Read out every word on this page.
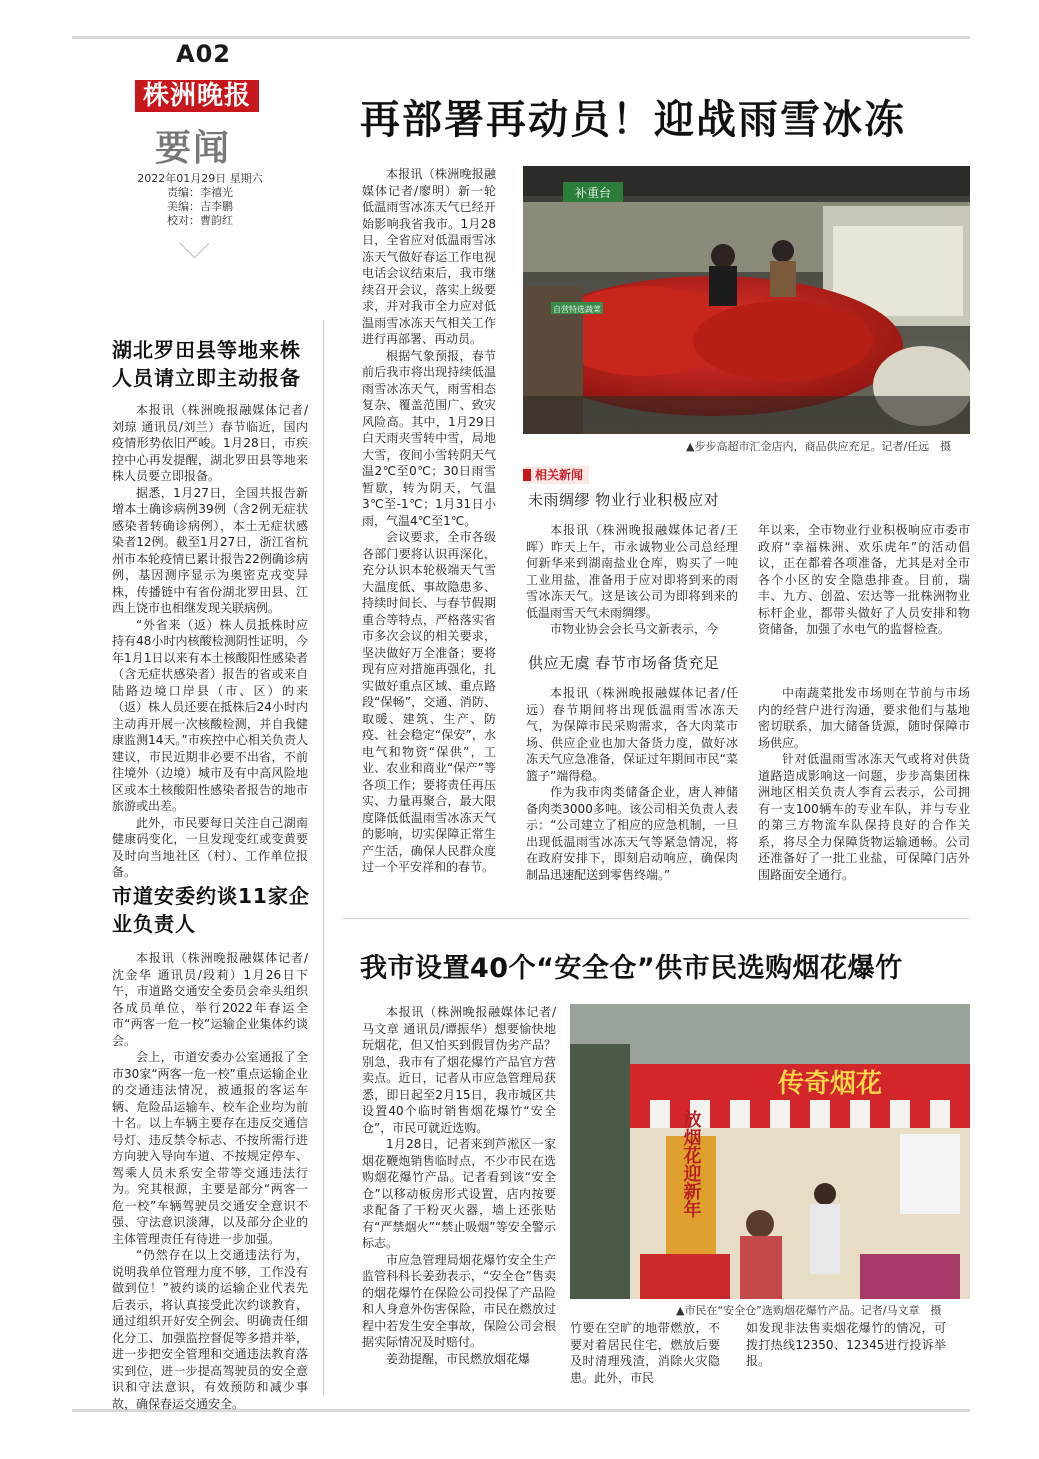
A02
株洲晚报
要闻
2022年01月29日 星期六
责编：李禧光
美编：吉李鹏
校对：曹韵红
再部署再动员！迎战雨雪冰冻

本报讯（株洲晚报融媒体记者/廖明）新一轮低温雨雪冰冻天气已经开始影响我省我市。1月28日，全省应对低温雨雪冰冻天气做好春运工作电视电话会议结束后，我市继续召开会议，落实上级要求，并对我市全力应对低温雨雪冰冻天气相关工作进行再部署、再动员。

根据气象预报，春节前后我市将出现持续低温雨雪冰冻天气，雨雪相态复杂、覆盖范围广、致灾风险高。其中，1月29日白天雨夹雪转中雪，局地大雪，夜间小雪转阴天气温2℃至0℃；30日雨雪暂歇，转为阴天，气温3℃至-1℃；1月31日小雨，气温4℃至1℃。

会议要求，全市各级各部门要将认识再深化，充分认识本轮极端天气雪大温度低、事故隐患多、持续时间长、与春节假期重合等特点，严格落实省市多次会议的相关要求，坚决做好万全准备；要将现有应对措施再强化，扎实做好重点区域、重点路段“保畅”，交通、消防、取暖、建筑、生产、防疫、社会稳定“保安”，水电气和物资“保供”，工业、农业和商业“保产”等各项工作；要将责任再压实、力量再聚合，最大限度降低低温雨雪冰冻天气的影响，切实保障正常生产生活，确保人民群众度过一个平安祥和的春节。

补重台
自营特选蔬菜
▲步步高超市汇金店内，商品供应充足。记者/任远　摄
相关新闻
未雨绸缪 物业行业积极应对

本报讯（株洲晚报融媒体记者/王晖）昨天上午，市永诚物业公司总经理何新华来到湖南盐业仓库，购买了一吨工业用盐，准备用于应对即将到来的雨雪冰冻天气。这是该公司为即将到来的低温雨雪天气未雨绸缪。

市物业协会会长马文新表示，今

年以来，全市物业行业积极响应市委市政府“幸福株洲、欢乐虎年”的活动倡议，正在都着各项准备，尤其是对全市各个小区的安全隐患排查。目前，瑞丰、九方、创盈、宏达等一批株洲物业标杆企业，都带头做好了人员安排和物资储备，加强了水电气的监督检查。

供应无虞 春节市场备货充足

本报讯（株洲晚报融媒体记者/任远）春节期间将出现低温雨雪冰冻天气，为保障市民采购需求，各大肉菜市场、供应企业也加大备货力度，做好冰冻天气应急准备，保证过年期间市民“菜篮子”端得稳。

作为我市肉类储备企业，唐人神储备肉类3000多吨。该公司相关负责人表示：“公司建立了相应的应急机制，一旦出现低温雨雪冰冻天气等紧急情况，将在政府安排下，即刻启动响应，确保肉制品迅速配送到零售终端。”

中南蔬菜批发市场则在节前与市场内的经营户进行沟通，要求他们与基地密切联系，加大储备货源，随时保障市场供应。

针对低温雨雪冰冻天气或将对供货道路造成影响这一问题，步步高集团株洲地区相关负责人李育云表示，公司拥有一支100辆车的专业车队，并与专业的第三方物流车队保持良好的合作关系，将尽全力保障货物运输通畅。公司还准备好了一批工业盐，可保障门店外围路面安全通行。

湖北罗田县等地来株人员请立即主动报备

本报讯（株洲晚报融媒体记者/刘琼 通讯员/刘兰）春节临近，国内疫情形势依旧严峻。1月28日，市疾控中心再发提醒，湖北罗田县等地来株人员要立即报备。

据悉，1月27日，全国共报告新增本土确诊病例39例（含2例无症状感染者转确诊病例），本土无症状感染者12例。截至1月27日，浙江省杭州市本轮疫情已累计报告22例确诊病例，基因测序显示为奥密克戎变异株，传播链中有省份湖北罗田县、江西上饶市也相继发现关联病例。

“外省来（返）株人员抵株时应持有48小时内核酸检测阴性证明，今年1月1日以来有本土核酸阳性感染者（含无症状感染者）报告的省或来自陆路边境口岸县（市、区）的来（返）株人员还要在抵株后24小时内主动再开展一次核酸检测，并自我健康监测14天。”市疾控中心相关负责人建议，市民近期非必要不出省，不前往境外（边境）城市及有中高风险地区或本土核酸阳性感染者报告的地市旅游或出差。

此外，市民要每日关注自己湖南健康码变化，一旦发现变红或变黄要及时向当地社区（村）、工作单位报备。

市道安委约谈11家企业负责人

本报讯（株洲晚报融媒体记者/沈金华 通讯员/段莉）1月26日下午，市道路交通安全委员会牵头组织各成员单位，举行2022年春运全市“两客一危一校”运输企业集体约谈会。

会上，市道安委办公室通报了全市30家“两客一危一校”重点运输企业的交通违法情况，被通报的客运车辆、危险品运输车、校车企业均为前十名。以上车辆主要存在违反交通信号灯、违反禁令标志、不按所需行进方向驶入导向车道、不按规定停车、驾乘人员未系安全带等交通违法行为。究其根源，主要是部分“两客一危一校”车辆驾驶员交通安全意识不强、守法意识淡薄，以及部分企业的主体管理责任有待进一步加强。

“仍然存在以上交通违法行为，说明我单位管理力度不够，工作没有做到位！”被约谈的运输企业代表先后表示，将认真接受此次约谈教育，通过组织开好安全例会、明确责任细化分工、加强监控督促等多措并举，进一步把安全管理和交通违法教育落实到位，进一步提高驾驶员的安全意识和守法意识，有效预防和减少事故，确保春运交通安全。

我市设置40个“安全仓”供市民选购烟花爆竹

本报讯（株洲晚报融媒体记者/马文章 通讯员/谭振华）想要愉快地玩烟花，但又怕买到假冒伪劣产品？别急，我市有了烟花爆竹产品官方营卖点。近日，记者从市应急管理局获悉，即日起至2月15日，我市城区共设置40个临时销售烟花爆竹“安全仓”，市民可就近选购。

1月28日，记者来到芦淞区一家烟花鞭炮销售临时点，不少市民在选购烟花爆竹产品。记者看到该“安全仓”以移动板房形式设置，店内按要求配备了干粉灭火器，墙上还张贴有“严禁烟火”“禁止吸烟”等安全警示标志。

市应急管理局烟花爆竹安全生产监管科科长姜劲表示，“安全仓”售卖的烟花爆竹在保险公司投保了产品险和人身意外伤害保险，市民在燃放过程中若发生安全事故，保险公司会根据实际情况及时赔付。

姜劲提醒，市民燃放烟花爆

传奇烟花
放烟花迎新年
▲市民在“安全仓”选购烟花爆竹产品。记者/马文章　摄

竹要在空旷的地带燃放，不要对着居民住宅，燃放后要及时清理残渣，消除火灾隐患。此外，市民

如发现非法售卖烟花爆竹的情况，可拨打热线12350、12345进行投诉举报。
